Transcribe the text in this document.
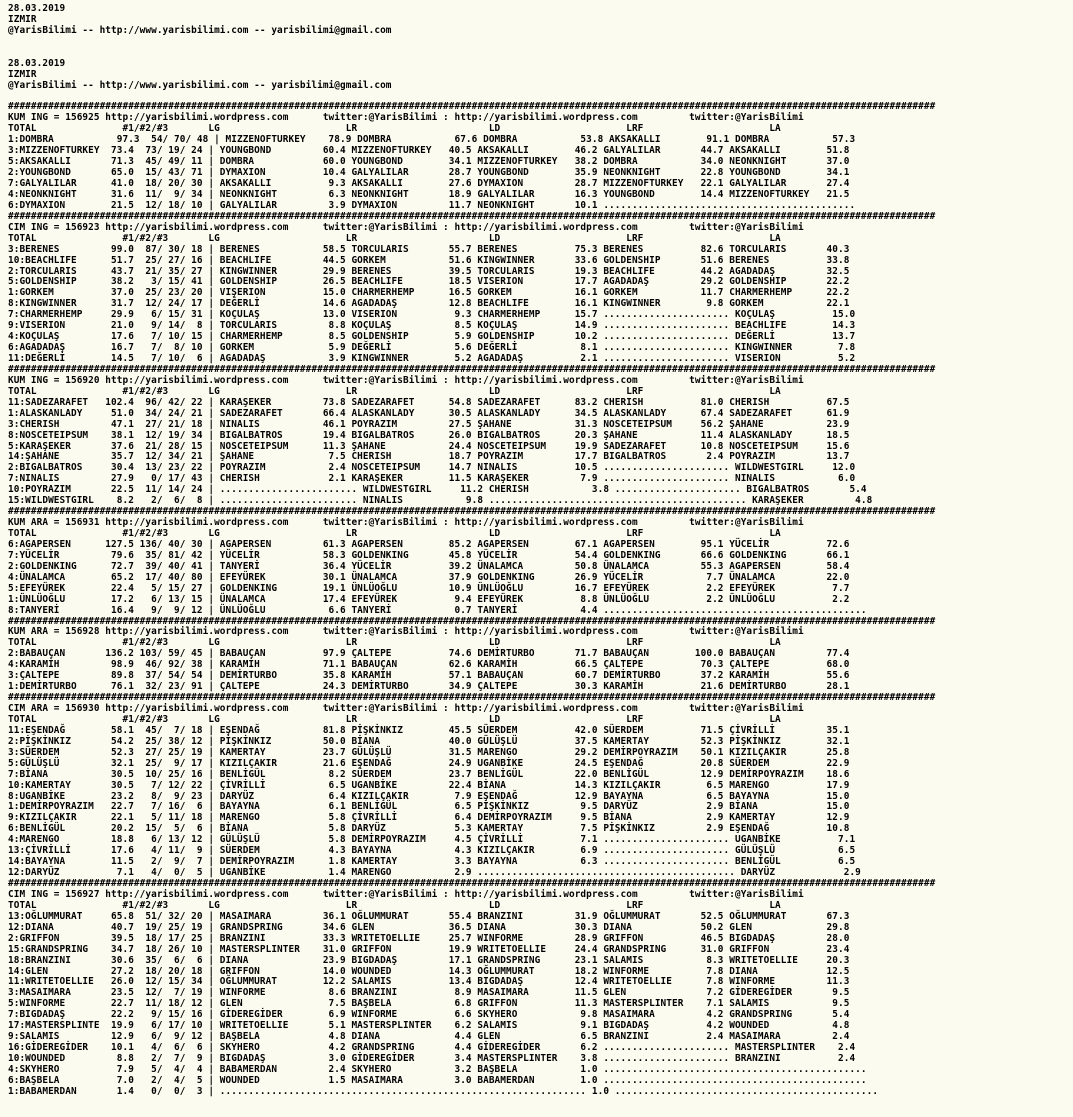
28.03.2019
IZMIR
@YarisBilimi -- http://www.yarisbilimi.com -- yarisbilimi@gmail.com
28.03.2019
IZMIR
@YarisBilimi -- http://www.yarisbilimi.com -- yarisbilimi@gmail.com
##################################################################################################################################################################
KUM ING = 156925 http://yarisbilimi.wordpress.com      twitter:@YarisBilimi : http://yarisbilimi.wordpress.com         twitter:@YarisBilimi
TOTAL               #1/#2/#3       LG                      LR                       LD                      LRF                      LA
1:DOMBRA           97.3  54/ 70/ 48 | MIZZENOFTURKEY    78.9 DOMBRA           67.6 DOMBRA           53.8 AKSAKALLI        91.1 DOMBRA           57.3
3:MIZZENOFTURKEY  73.4  73/ 19/ 24 | YOUNGBOND         60.4 MIZZENOFTURKEY   40.5 AKSAKALLI        46.2 GALYALILAR       44.7 AKSAKALLI        51.8
5:AKSAKALLI       71.3  45/ 49/ 11 | DOMBRA            60.0 YOUNGBOND        34.1 MIZZENOFTURKEY   38.2 DOMBRA           34.0 NEONKNIGHT       37.0
2:YOUNGBOND       65.0  15/ 43/ 71 | DYMAXION          10.4 GALYALILAR       28.7 YOUNGBOND        35.9 NEONKNIGHT       22.8 YOUNGBOND        34.1
7:GALYALILAR      41.0  18/ 20/ 30 | AKSAKALLI          9.3 AKSAKALLI        27.6 DYMAXION         28.7 MIZZENOFTURKEY   22.1 GALYALILAR       27.4
4:NEONKNIGHT      31.6  11/  9/ 34 | NEONKNIGHT         6.3 NEONKNIGHT       18.9 GALYALILAR       16.3 YOUNGBOND        14.4 MIZZENOFTURKEY   21.5
6:DYMAXION        21.5  12/ 18/ 10 | GALYALILAR         3.9 DYMAXION         11.7 NEONKNIGHT       10.1 ............................................
##################################################################################################################################################################
CIM ING = 156923 http://yarisbilimi.wordpress.com      twitter:@YarisBilimi : http://yarisbilimi.wordpress.com         twitter:@YarisBilimi
TOTAL               #1/#2/#3       LG                      LR                       LD                      LRF                      LA
3:BERENES         99.0  87/ 30/ 18 | BERENES           58.5 TORCULARIS       55.7 BERENES          75.3 BERENES          82.6 TORCULARIS       40.3
10:BEACHLIFE      51.7  25/ 27/ 16 | BEACHLIFE         44.5 GORKEM           51.6 KINGWINNER       33.6 GOLDENSHIP       51.6 BERENES          33.8
2:TORCULARIS      43.7  21/ 35/ 27 | KINGWINNER        29.9 BERENES          39.5 TORCULARIS       19.3 BEACHLIFE        44.2 AGADADAŞ         32.5
5:GOLDENSHIP      38.2   3/ 15/ 41 | GOLDENSHIP        26.5 BEACHLIFE        18.5 VISERION         17.7 AGADADAŞ         29.2 GOLDENSHIP       22.2
1:GORKEM          37.0  25/ 23/ 20 | VIŞERION          15.0 CHARMERHEMP      16.5 GORKEM           16.1 GORKEM           11.7 CHARMERHEMP      22.2
8:KINGWINNER      31.7  12/ 24/ 17 | DEĞERLİ           14.6 AGADADAŞ         12.8 BEACHLIFE        16.1 KINGWINNER        9.8 GORKEM           22.1
7:CHARMERHEMP     29.9   6/ 15/ 31 | KOÇULAŞ           13.0 VISERION          9.3 CHARMERHEMP      15.7 ...................... KOÇULAŞ          15.0
9:VISERION        21.0   9/ 14/  8 | TORCULARIS         8.8 KOÇULAŞ           8.5 KOÇULAŞ          14.9 ...................... BEACHLIFE        14.3
4:KOÇULAŞ         17.6   7/ 10/ 15 | CHARMERHEMP        8.5 GOLDENSHIP        5.9 GOLDENSHIP       10.2 ...................... DEĞERLİ          13.7
6:AGADADAŞ        16.7   7/  8/ 10 | GORKEM             5.9 DEĞERLİ           5.6 DEĞERLİ           8.1 ...................... KINGWINNER        7.8
11:DEĞERLİ        14.5   7/ 10/  6 | AGADADAŞ           3.9 KINGWINNER        5.2 AGADADAŞ          2.1 ...................... VISERION          5.2
##################################################################################################################################################################
KUM ING = 156920 http://yarisbilimi.wordpress.com      twitter:@YarisBilimi : http://yarisbilimi.wordpress.com         twitter:@YarisBilimi
TOTAL               #1/#2/#3       LG                      LR                       LD                      LRF                      LA
11:SADEZARAFET   102.4  96/ 42/ 22 | KARAŞEKER         73.8 SADEZARAFET      54.8 SADEZARAFET      83.2 CHERISH          81.0 CHERISH          67.5
1:ALASKANLADY     51.0  34/ 24/ 21 | SADEZARAFET       66.4 ALASKANLADY      30.5 ALASKANLADY      34.5 ALASKANLADY      67.4 SADEZARAFET      61.9
3:CHERISH         47.1  27/ 21/ 18 | NINALIS           46.1 POYRAZIM         27.5 ŞAHANE           31.3 NOSCETEIPSUM     56.2 ŞAHANE           23.9
8:NOSCETEIPSUM    38.1  12/ 19/ 34 | BIGALBATROS       19.4 BIGALBATROS      26.0 BIGALBATROS      20.3 ŞAHANE           11.4 ALASKANLADY      18.5
5:KARAŞEKER       37.6  21/ 28/ 15 | NOSCETEIPSUM      11.3 ŞAHANE           24.4 NOSCETEIPSUM     19.9 SADEZARAFET      10.8 NOSCETEIPSUM     15.6
14:ŞAHANE         35.7  12/ 34/ 21 | ŞAHANE             7.5 CHERISH          18.7 POYRAZIM         17.7 BIGALBATROS       2.4 POYRAZIM         13.7
2:BIGALBATROS     30.4  13/ 23/ 22 | POYRAZIM           2.4 NOSCETEIPSUM     14.7 NINALIS          10.5 ...................... WILDWESTGIRL     12.0
7:NINALIS         27.9   0/ 17/ 43 | CHERISH            2.1 KARAŞEKER        11.5 KARAŞEKER         7.9 ...................... NINALIS           6.0
10:POYRAZIM       22.5  11/ 14/ 24 | ........................ WILDWESTGIRL     11.2 CHERISH           3.8 ...................... BIGALBATROS       5.4
15:WILDWESTGIRL    8.2   2/  6/  8 | ........................ NINALIS           9.8 ............................................. KARAŞEKER         4.8
##################################################################################################################################################################
KUM ARA = 156931 http://yarisbilimi.wordpress.com      twitter:@YarisBilimi : http://yarisbilimi.wordpress.com         twitter:@YarisBilimi
TOTAL               #1/#2/#3       LG                      LR                       LD                      LRF                      LA
6:AGAPERSEN      127.5 136/ 40/ 30 | AGAPERSEN         61.3 AGAPERSEN        85.2 AGAPERSEN        67.1 AGAPERSEN        95.1 YÜCELİR          72.6
7:YÜCELİR         79.6  35/ 81/ 42 | YÜCELİR           58.3 GOLDENKING       45.8 YÜCELİR          54.4 GOLDENKING       66.6 GOLDENKING       66.1
2:GOLDENKING      72.7  39/ 40/ 41 | TANYERİ           36.4 YÜCELİR          39.2 ÜNALAMCA         50.8 ÜNALAMCA         55.3 AGAPERSEN        58.4
4:ÜNALAMCA        65.2  17/ 40/ 80 | EFEYÜREK          30.1 ÜNALAMCA         37.9 GOLDENKING       26.9 YÜCELİR           7.7 ÜNALAMCA         22.0
5:EFEYÜREK        22.4   5/ 15/ 27 | GOLDENKING        19.1 ÜNLÜOĞLU         10.9 ÜNLÜOĞLU         16.7 EFEYÜREK          2.2 EFEYÜREK          7.7
1:ÜNLÜOĞLU        17.2   6/ 13/ 15 | ÜNALAMCA          17.4 EFEYÜREK          9.4 EFEYÜREK          8.8 ÜNLÜOĞLU          2.2 ÜNLÜOĞLU          2.2
8:TANYERİ         16.4   9/  9/ 12 | ÜNLÜOĞLU           6.6 TANYERİ           0.7 TANYERİ           4.4 ..............................................
##################################################################################################################################################################
KUM ARA = 156928 http://yarisbilimi.wordpress.com      twitter:@YarisBilimi : http://yarisbilimi.wordpress.com         twitter:@YarisBilimi
TOTAL               #1/#2/#3       LG                      LR                       LD                      LRF                      LA
2:BABAUÇAN       136.2 103/ 59/ 45 | BABAUÇAN          97.9 ÇALTEPE          74.6 DEMİRTURBO       71.7 BABAUÇAN        100.0 BABAUÇAN         77.4
4:KARAMİH         98.9  46/ 92/ 38 | KARAMİH           71.1 BABAUÇAN         62.6 KARAMİH          66.5 ÇALTEPE          70.3 ÇALTEPE          68.0
3:ÇALTEPE         89.8  37/ 54/ 54 | DEMİRTURBO        35.8 KARAMİH          57.1 BABAUÇAN         60.7 DEMİRTURBO       37.2 KARAMİH          55.6
1:DEMİRTURBO      76.1  32/ 23/ 91 | ÇALTEPE           24.3 DEMİRTURBO       34.9 ÇALTEPE          30.3 KARAMİH          21.6 DEMİRTURBO       28.1
##################################################################################################################################################################
CIM ARA = 156930 http://yarisbilimi.wordpress.com      twitter:@YarisBilimi : http://yarisbilimi.wordpress.com         twitter:@YarisBilimi
TOTAL               #1/#2/#3       LG                      LR                       LD                      LRF                      LA
11:EŞENDAĞ        58.1  45/  7/ 18 | EŞENDAĞ           81.8 PİŞKİNKIZ        45.5 SÜERDEM          42.0 SÜERDEM          71.5 ÇİVRİLLİ         35.1
2:PİŞKİNKIZ       54.2  25/ 38/ 12 | PİŞKİNKIZ         50.0 BİANA            40.0 GÜLÜŞLÜ          37.5 KAMERTAY         52.3 PİŞKİNKIZ        32.1
3:SÜERDEM         52.3  27/ 25/ 19 | KAMERTAY          23.7 GÜLÜŞLÜ          31.5 MARENGO          29.2 DEMİRPOYRAZIM    50.1 KIZILÇAKIR       25.8
5:GÜLÜŞLÜ         32.1  25/  9/ 17 | KIZILÇAKIR        21.6 EŞENDAĞ          24.9 UGANBİKE         24.5 EŞENDAĞ          20.8 SÜERDEM          22.9
7:BİANA           30.5  10/ 25/ 16 | BENLİGÜL           8.2 SÜERDEM          23.7 BENLİGÜL         22.0 BENLİGÜL         12.9 DEMİRPOYRAZIM    18.6
10:KAMERTAY       30.5   7/ 12/ 22 | ÇİVRİLLİ           6.5 UGANBİKE         22.4 BİANA            14.3 KIZILÇAKIR        6.5 MARENGO          17.9
8:UGANBİKE        23.2   8/  9/ 23 | DARYÜZ             6.4 KIZILÇAKIR        7.9 EŞENDAĞ          12.9 BAYAYNA           6.5 BAYAYNA          15.0
1:DEMİRPOYRAZIM   22.7   7/ 16/  6 | BAYAYNA            6.1 BENLİGÜL          6.5 PİŞKİNKIZ         9.5 DARYÜZ            2.9 BİANA            15.0
9:KIZILÇAKIR      22.1   5/ 11/ 18 | MARENGO            5.8 ÇİVRİLLİ          6.4 DEMİRPOYRAZIM     9.5 BİANA             2.9 KAMERTAY         12.9
6:BENLİGÜL        20.2  15/  5/  6 | BİANA              5.8 DARYÜZ            5.3 KAMERTAY          7.5 PİŞKİNKIZ         2.9 EŞENDAĞ          10.8
4:MARENGO         18.8   6/ 13/ 12 | GÜLÜŞLÜ            5.8 DEMİRPOYRAZIM     4.5 ÇİVRİLLİ          7.1 ...................... UGANBİKE          7.1
13:ÇİVRİLLİ       17.6   4/ 11/  9 | SÜERDEM            4.3 BAYAYNA           4.3 KIZILÇAKIR        6.9 ...................... GÜLÜŞLÜ           6.5
14:BAYAYNA        11.5   2/  9/  7 | DEMİRPOYRAZIM      1.8 KAMERTAY          3.3 BAYAYNA           6.3 ...................... BENLİGÜL          6.5
12:DARYÜZ          7.1   4/  0/  5 | UGANBİKE           1.4 MARENGO           2.9 ............................................. DARYÜZ            2.9
##################################################################################################################################################################
CIM ING = 156927 http://yarisbilimi.wordpress.com      twitter:@YarisBilimi : http://yarisbilimi.wordpress.com         twitter:@YarisBilimi
TOTAL               #1/#2/#3       LG                      LR                       LD                      LRF                      LA
13:OĞLUMMURAT     65.8  51/ 32/ 20 | MASAIMARA         36.1 OĞLUMMURAT       55.4 BRANZINI         31.9 OĞLUMMURAT       52.5 OĞLUMMURAT       67.3
12:DIANA          40.7  19/ 25/ 19 | GRANDSPRING       34.6 GLEN             36.5 DIANA            30.3 DIANA            50.2 GLEN             29.8
2:GRIFFON         39.5  18/ 17/ 25 | BRANZINI          33.3 WRITETOELLIE     25.7 WINFORME         28.9 GRIFFON          46.5 BIGDADAŞ         28.0
15:GRANDSPRING    34.7  18/ 26/ 10 | MASTERSPLINTER    31.0 GRIFFON          19.9 WRITETOELLIE     24.4 GRANDSPRING      31.0 GRIFFON          23.4
18:BRANZINI       30.6  35/  6/  6 | DIANA             23.9 BIGDADAŞ         17.1 GRANDSPRING      23.1 SALAMIS           8.3 WRITETOELLIE     20.3
14:GLEN           27.2  18/ 20/ 18 | GRIFFON           14.0 WOUNDED          14.3 OĞLUMMURAT       18.2 WINFORME          7.8 DIANA            12.5
11:WRITETOELLIE   26.0  12/ 15/ 34 | OĞLUMMURAT        12.2 SALAMIS          13.4 BIGDADAŞ         12.4 WRITETOELLIE      7.8 WINFORME         11.3
3:MASAIMARA       23.5  12/  7/ 19 | WINFORME           8.6 BRANZINI          8.9 MASAIMARA        11.5 GLEN              7.2 GİDEREGİDER       9.5
5:WINFORME        22.7  11/ 18/ 12 | GLEN               7.5 BAŞBELA           6.8 GRIFFON          11.3 MASTERSPLINTER    7.1 SALAMIS           9.5
7:BIGDADAŞ        22.2   9/ 15/ 16 | GİDEREGİDER        6.9 WINFORME          6.6 SKYHERO           9.8 MASAIMARA         4.2 GRANDSPRING       5.4
17:MASTERSPLINTE  19.9   6/ 17/ 10 | WRITETOELLIE       5.1 MASTERSPLINTER    6.2 SALAMIS           9.1 BIGDADAŞ          4.2 WOUNDED           4.8
9:SALAMIS         12.9   6/  9/ 12 | BAŞBELA            4.8 DIANA             4.4 GLEN              6.5 BRANZINI          2.4 MASAIMARA         2.4
16:GİDEREGİDER    10.1   4/  6/  6 | SKYHERO            4.2 GRANDSPRING       4.4 GİDEREGİDER       6.2 ...................... MASTERSPLINTER    2.4
10:WOUNDED         8.8   2/  7/  9 | BIGDADAŞ           3.0 GİDEREGİDER       3.4 MASTERSPLINTER    3.8 ...................... BRANZINI          2.4
4:SKYHERO          7.9   5/  4/  4 | BABAMERDAN         2.4 SKYHERO           3.2 BAŞBELA           1.0 ..............................................
6:BAŞBELA          7.0   2/  4/  5 | WOUNDED            1.5 MASAIMARA         3.0 BABAMERDAN        1.0 ..............................................
1:BABAMERDAN       1.4   0/  0/  3 | ................................................................ 1.0 ..............................................
